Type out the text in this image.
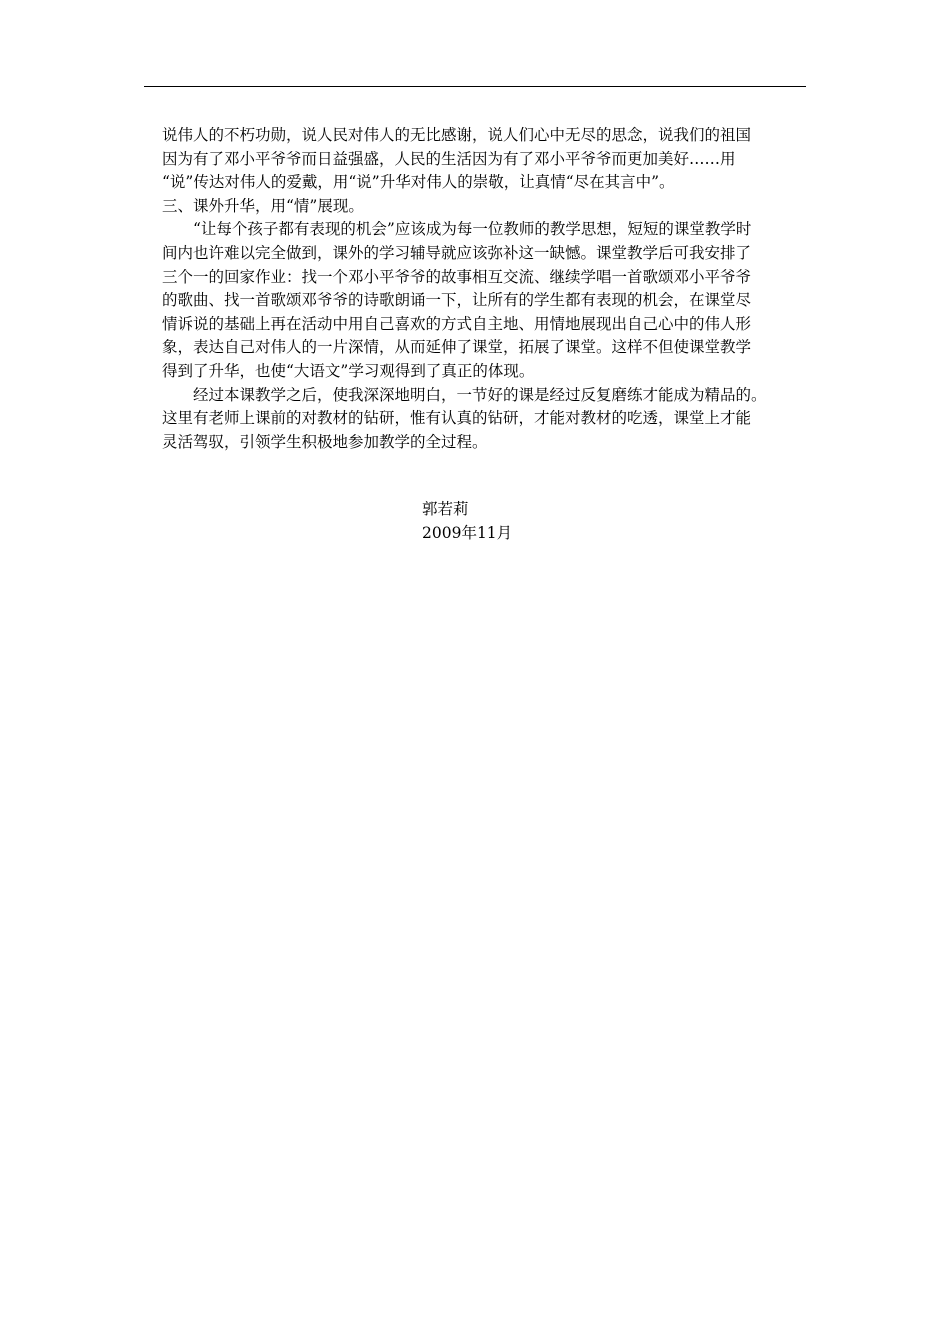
说伟人的不朽功勋，说人民对伟人的无比感谢，说人们心中无尽的思念，说我们的祖国
因为有了邓小平爷爷而日益强盛，人民的生活因为有了邓小平爷爷而更加美好……用
“说”传达对伟人的爱戴，用“说”升华对伟人的崇敬，让真情“尽在其言中”。
三、课外升华，用“情”展现。
“让每个孩子都有表现的机会”应该成为每一位教师的教学思想，短短的课堂教学时
间内也许难以完全做到，课外的学习辅导就应该弥补这一缺憾。课堂教学后可我安排了
三个一的回家作业：找一个邓小平爷爷的故事相互交流、继续学唱一首歌颂邓小平爷爷
的歌曲、找一首歌颂邓爷爷的诗歌朗诵一下，让所有的学生都有表现的机会，在课堂尽
情诉说的基础上再在活动中用自己喜欢的方式自主地、用情地展现出自己心中的伟人形
象，表达自己对伟人的一片深情，从而延伸了课堂，拓展了课堂。这样不但使课堂教学
得到了升华，也使“大语文”学习观得到了真正的体现。
经过本课教学之后，使我深深地明白，一节好的课是经过反复磨练才能成为精品的。
这里有老师上课前的对教材的钻研，惟有认真的钻研，才能对教材的吃透，课堂上才能
灵活驾驭，引领学生积极地参加教学的全过程。
郭若莉
2009年11月
